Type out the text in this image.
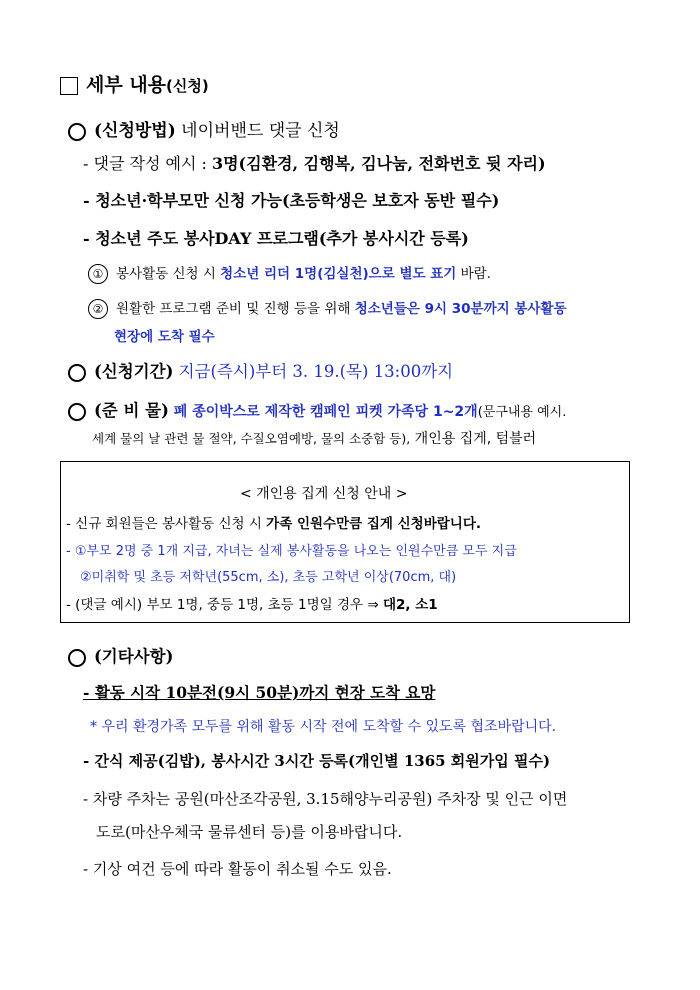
세부 내용(신청)
(신청방법) 네이버밴드 댓글 신청
- 댓글 작성 예시 : 3명(김환경, 김행복, 김나눔, 전화번호 뒷 자리)
- 청소년·학부모만 신청 가능(초등학생은 보호자 동반 필수)
- 청소년 주도 봉사DAY 프로그램(추가 봉사시간 등록)
① 봉사활동 신청 시 청소년 리더 1명(김실천)으로 별도 표기 바람.
② 원활한 프로그램 준비 및 진행 등을 위해 청소년들은 9시 30분까지 봉사활동
현장에 도착 필수
(신청기간) 지금(즉시)부터 3. 19.(목) 13:00까지
(준 비 물) 폐 종이박스로 제작한 캠페인 피켓 가족당 1~2개(문구내용 예시.
세계 물의 날 관련 물 절약, 수질오염예방, 물의 소중함 등), 개인용 집게, 텀블러
< 개인용 집게 신청 안내 >
- 신규 회원들은 봉사활동 신청 시 가족 인원수만큼 집게 신청바랍니다.
- ①부모 2명 중 1개 지급, 자녀는 실제 봉사활동을 나오는 인원수만큼 모두 지급
②미취학 및 초등 저학년(55cm, 소), 초등 고학년 이상(70cm, 대)
- (댓글 예시) 부모 1명, 중등 1명, 초등 1명일 경우 ⇒ 대2, 소1
(기타사항)
- 활동 시작 10분전(9시 50분)까지 현장 도착 요망
* 우리 환경가족 모두를 위해 활동 시작 전에 도착할 수 있도록 협조바랍니다.
- 간식 제공(김밥), 봉사시간 3시간 등록(개인별 1365 회원가입 필수)
- 차량 주차는 공원(마산조각공원, 3.15해양누리공원) 주차장 및 인근 이면
도로(마산우체국 물류센터 등)를 이용바랍니다.
- 기상 여건 등에 따라 활동이 취소될 수도 있음.
